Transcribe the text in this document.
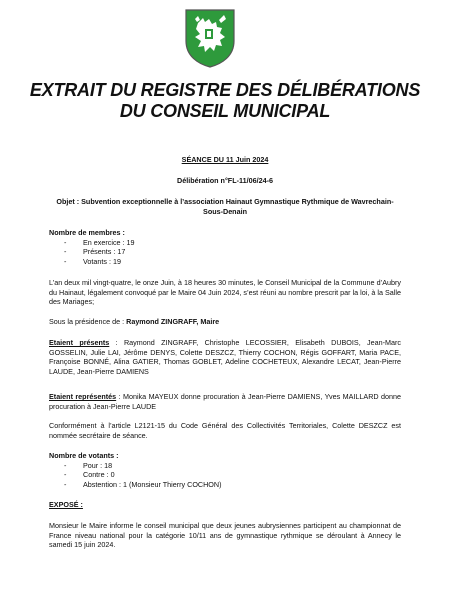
EXTRAIT DU REGISTRE DES DÉLIBÉRATIONS
DU CONSEIL MUNICIPAL
SÉANCE DU 11 Juin 2024
Délibération n°FL-11/06/24-6
Objet : Subvention exceptionnelle à l’association Hainaut Gymnastique Rythmique de Wavrechain-Sous-Denain
Nombre de membres :
- En exercice : 19
- Présents : 17
- Votants : 19
L’an deux mil vingt-quatre, le onze Juin, à 18 heures 30 minutes, le Conseil Municipal de la Commune d’Aubry du Hainaut, légalement convoqué par le Maire 04 Juin 2024, s’est réuni au nombre prescrit par la loi, à la Salle des Mariages;
Sous la présidence de : Raymond ZINGRAFF, Maire
Etaient présents : Raymond ZINGRAFF, Christophe LECOSSIER, Elisabeth DUBOIS, Jean-Marc GOSSELIN, Julie LAI, Jérôme DENYS, Colette DESZCZ, Thierry COCHON, Régis GOFFART, Maria PACE, Françoise BONNÉ, Alina GATIER, Thomas GOBLET, Adeline COCHETEUX, Alexandre LECAT, Jean-Pierre LAUDE, Jean-Pierre DAMIENS
Etaient représentés : Monika MAYEUX donne procuration à Jean-Pierre DAMIENS, Yves MAILLARD donne procuration à Jean-Pierre LAUDE
Conformément à l’article L2121-15 du Code Général des Collectivités Territoriales, Colette DESZCZ est nommée secrétaire de séance.
Nombre de votants :
- Pour : 18
- Contre : 0
- Abstention : 1 (Monsieur Thierry COCHON)
EXPOSÉ :
Monsieur le Maire informe le conseil municipal que deux jeunes aubrysiennes participent au championnat de France niveau national pour la catégorie 10/11 ans de gymnastique rythmique se déroulant à Annecy le samedi 15 juin 2024.
